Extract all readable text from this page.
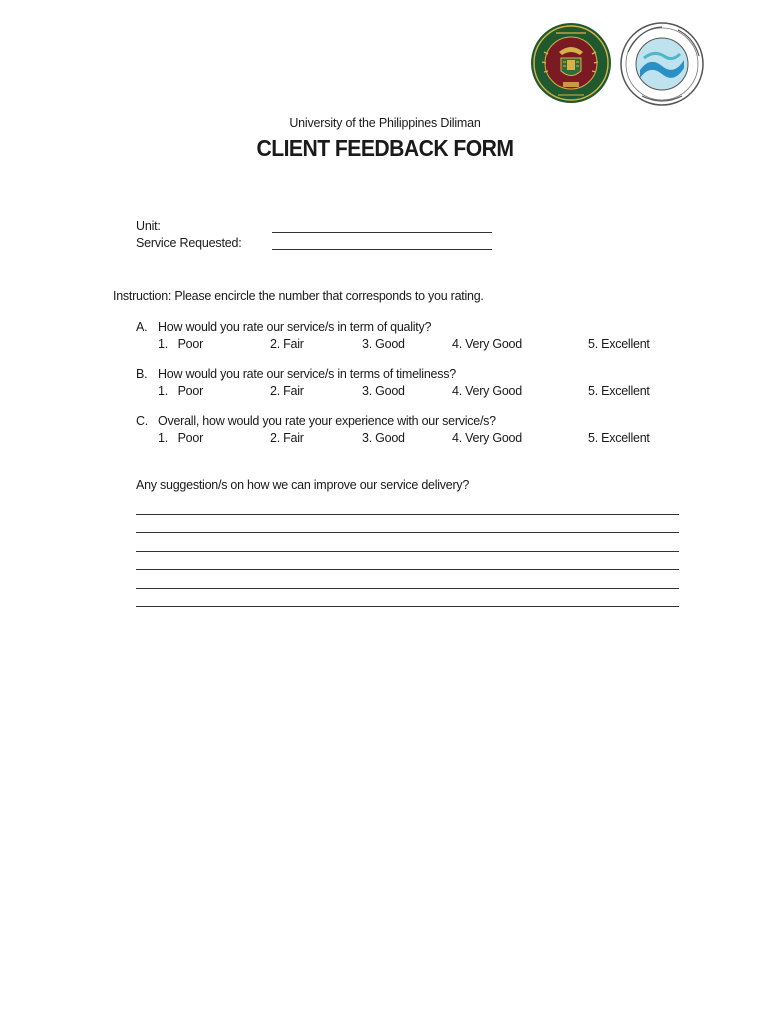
University of the Philippines Diliman
CLIENT FEEDBACK FORM
Unit:
Service Requested:
Instruction: Please encircle the number that corresponds to you rating.
A. How would you rate our service/s in term of quality?
1.   Poor	2. Fair	3. Good	4. Very Good	5. Excellent
B. How would you rate our service/s in terms of timeliness?
1.   Poor	2. Fair	3. Good	4. Very Good	5. Excellent
C. Overall, how would you rate your experience with our service/s?
1.   Poor	2. Fair	3. Good	4. Very Good	5. Excellent
Any suggestion/s on how we can improve our service delivery?
